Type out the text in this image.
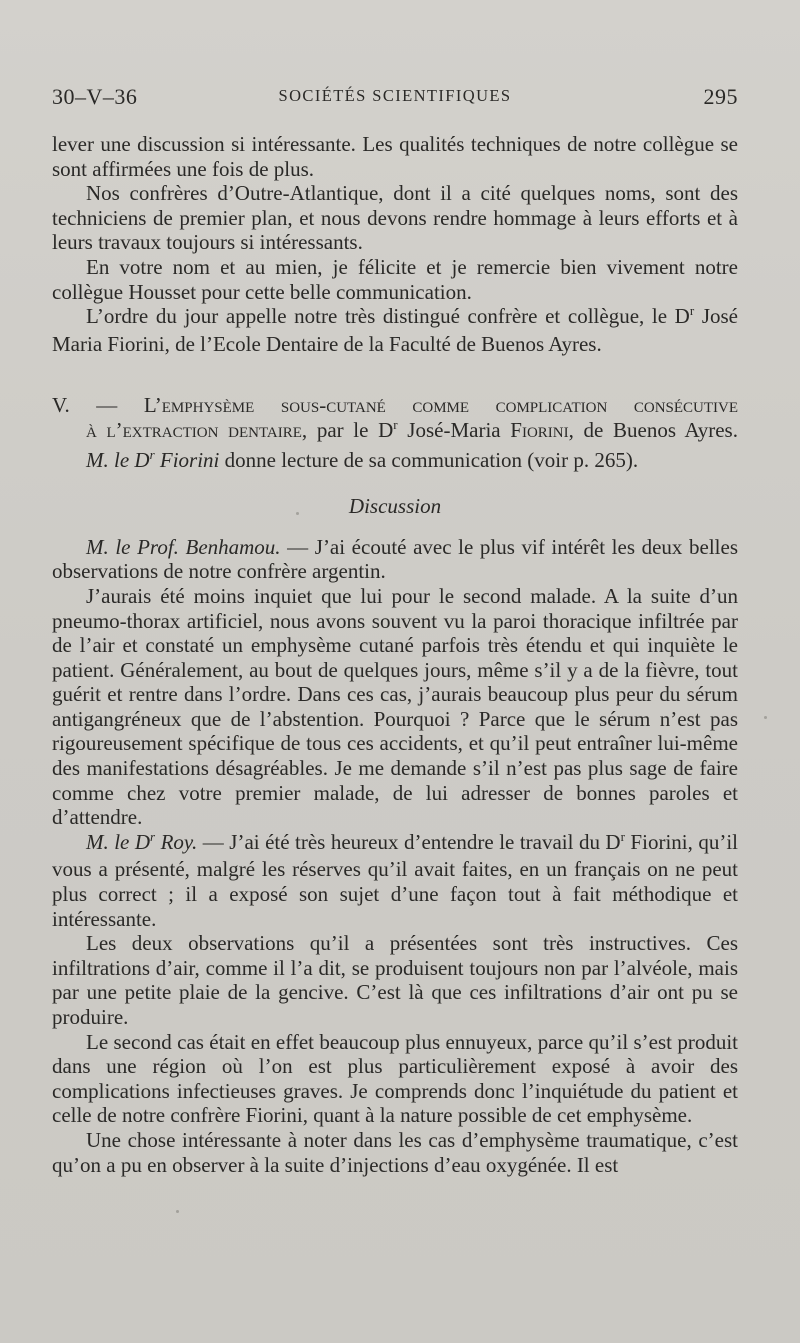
30–V–36	SOCIÉTÉS SCIENTIFIQUES	295

lever une discussion si intéressante. Les qualités techniques de notre collègue se sont affirmées une fois de plus.

Nos confrères d’Outre-Atlantique, dont il a cité quelques noms, sont des techniciens de premier plan, et nous devons rendre hommage à leurs efforts et à leurs travaux toujours si intéressants.

En votre nom et au mien, je félicite et je remercie bien vivement notre collègue Housset pour cette belle communication.

L’ordre du jour appelle notre très distingué confrère et collègue, le $D^r$ José Maria Fiorini, de l’Ecole Dentaire de la Faculté de Buenos Ayres.

V. — L’emphysème sous-cutané comme complication consécutive
à l’extraction dentaire, par le $D^r$ José-Maria Fiorini, de Buenos Ayres.

M. le $D^r$ Fiorini donne lecture de sa communication (voir p. 265).

Discussion

M. le Prof. Benhamou. — J’ai écouté avec le plus vif intérêt les deux belles observations de notre confrère argentin.

J’aurais été moins inquiet que lui pour le second malade. A la suite d’un pneumo-thorax artificiel, nous avons souvent vu la paroi thoracique infiltrée par de l’air et constaté un emphysème cutané parfois très étendu et qui inquiète le patient. Généralement, au bout de quelques jours, même s’il y a de la fièvre, tout guérit et rentre dans l’ordre. Dans ces cas, j’aurais beaucoup plus peur du sérum antigangréneux que de l’abstention. Pourquoi ? Parce que le sérum n’est pas rigoureusement spécifique de tous ces accidents, et qu’il peut entraîner lui-même des manifestations désagréables. Je me demande s’il n’est pas plus sage de faire comme chez votre premier malade, de lui adresser de bonnes paroles et d’attendre.

M. le $D^r$ Roy. — J’ai été très heureux d’entendre le travail du $D^r$ Fiorini, qu’il vous a présenté, malgré les réserves qu’il avait faites, en un français on ne peut plus correct ; il a exposé son sujet d’une façon tout à fait méthodique et intéressante.

Les deux observations qu’il a présentées sont très instructives. Ces infiltrations d’air, comme il l’a dit, se produisent toujours non par l’alvéole, mais par une petite plaie de la gencive. C’est là que ces infiltrations d’air ont pu se produire.

Le second cas était en effet beaucoup plus ennuyeux, parce qu’il s’est produit dans une région où l’on est plus particulièrement exposé à avoir des complications infectieuses graves. Je comprends donc l’inquiétude du patient et celle de notre confrère Fiorini, quant à la nature possible de cet emphysème.

Une chose intéressante à noter dans les cas d’emphysème traumatique, c’est qu’on a pu en observer à la suite d’injections d’eau oxygénée. Il est
